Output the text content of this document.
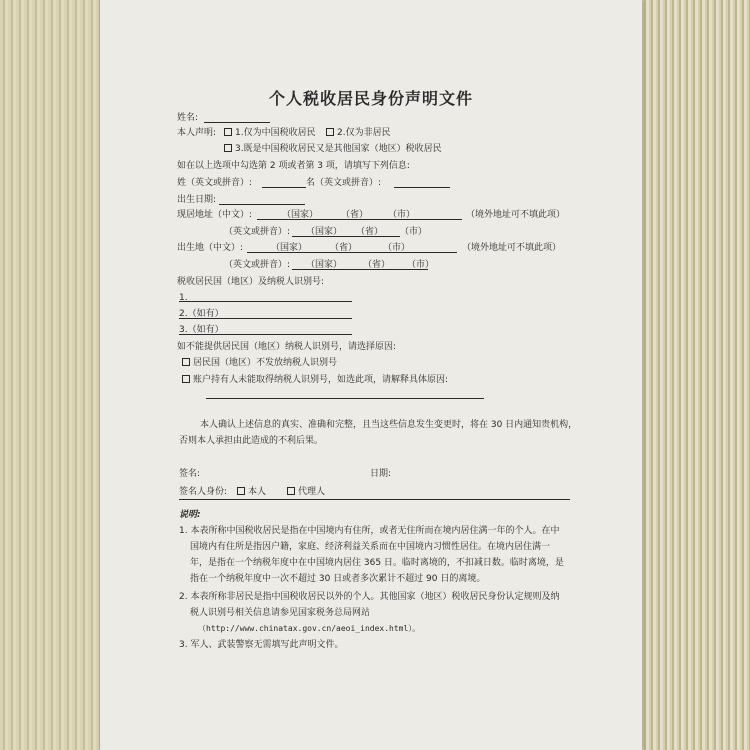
个人税收居民身份声明文件
姓名:
本人声明:	1.仅为中国税收居民	2.仅为非居民
3.既是中国税收居民又是其他国家（地区）税收居民
如在以上选项中勾选第 2 项或者第 3 项，请填写下列信息:
姓（英文或拼音）:	名（英文或拼音）:
出生日期:
现居地址（中文）:	（国家）	（省） （市）	（境外地址可不填此项）
（英文或拼音）: （国家） （省） （市）
出生地（中文）:	（国家）	（省）	（市）	（境外地址可不填此项）
（英文或拼音）: （国家） （省） （市）
税收居民国（地区）及纳税人识别号:
1.
2.（如有）
3.（如有）
如不能提供居民国（地区）纳税人识别号，请选择原因:
居民国（地区）不发放纳税人识别号
账户持有人未能取得纳税人识别号，如选此项，请解释具体原因:
本人确认上述信息的真实、准确和完整，且当这些信息发生变更时，将在 30 日内通知贵机构，
否则本人承担由此造成的不利后果。
签名:	日期:
签名人身份:	本人	代理人
说明:
1. 本表所称中国税收居民是指在中国境内有住所，或者无住所而在境内居住满一年的个人。在中
国境内有住所是指因户籍，家庭、经济利益关系而在中国境内习惯性居住。在境内居住满一
年，是指在一个纳税年度中在中国境内居住 365 日。临时离境的，不扣减日数。临时离境，是
指在一个纳税年度中一次不超过 30 日或者多次累计不超过 90 日的离境。
2. 本表所称非居民是指中国税收居民以外的个人。其他国家（地区）税收居民身份认定规则及纳
税人识别号相关信息请参见国家税务总局网站
（http://www.chinatax.gov.cn/aeoi_index.html）。
3. 军人、武装警察无需填写此声明文件。
